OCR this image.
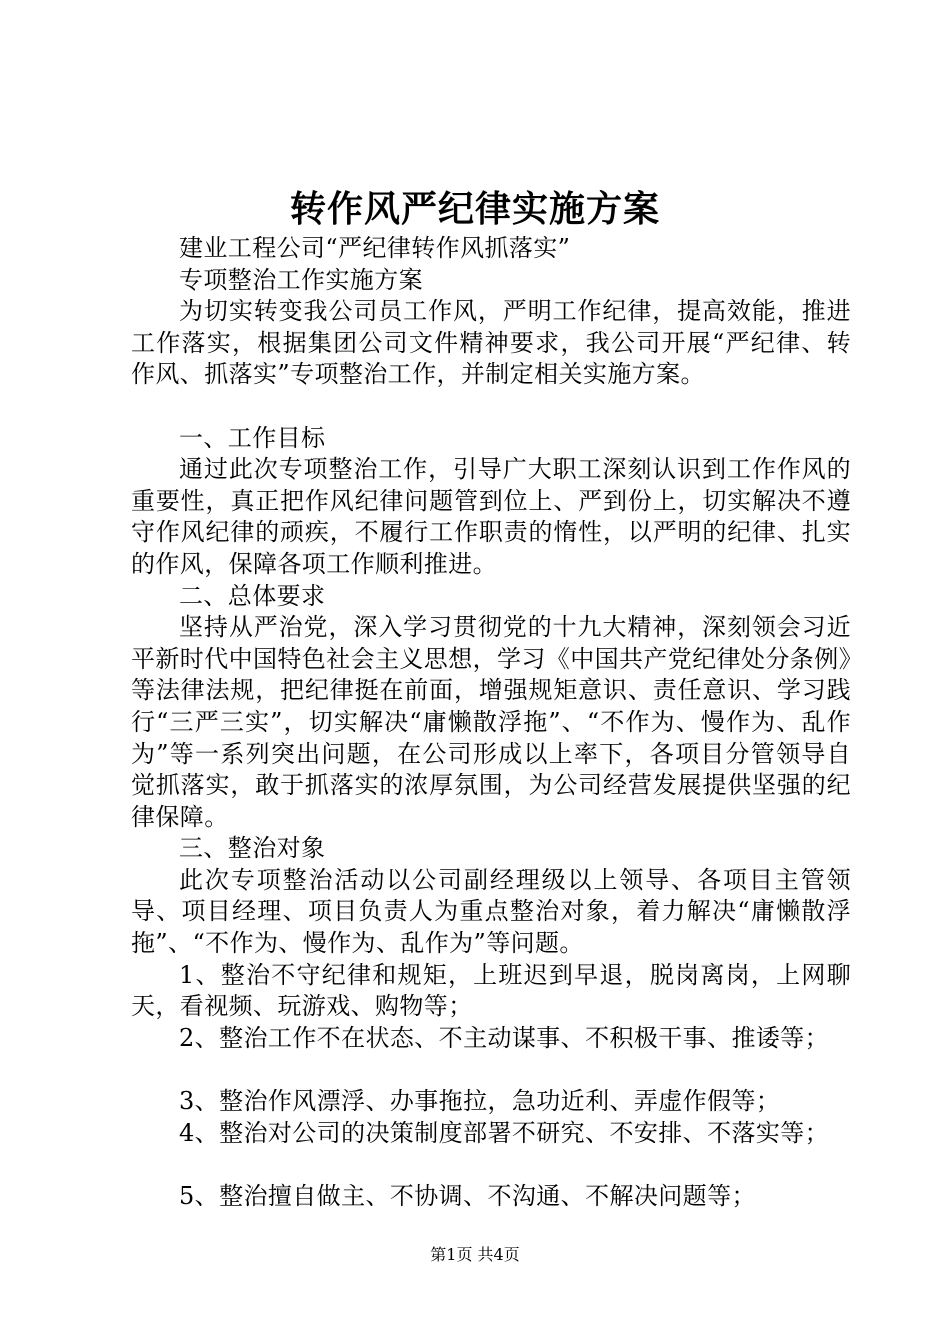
转作风严纪律实施方案

建业工程公司“严纪律转作风抓落实”

专项整治工作实施方案

为切实转变我公司员工作风，严明工作纪律，提高效能，推进工作落实，根据集团公司文件精神要求，我公司开展“严纪律、转作风、抓落实”专项整治工作，并制定相关实施方案。

一、工作目标

通过此次专项整治工作，引导广大职工深刻认识到工作作风的重要性，真正把作风纪律问题管到位上、严到份上，切实解决不遵守作风纪律的顽疾，不履行工作职责的惰性，以严明的纪律、扎实的作风，保障各项工作顺利推进。

二、总体要求

坚持从严治党，深入学习贯彻党的十九大精神，深刻领会习近平新时代中国特色社会主义思想，学习《中国共产党纪律处分条例》等法律法规，把纪律挺在前面，增强规矩意识、责任意识、学习践行“三严三实”，切实解决“庸懒散浮拖”、“不作为、慢作为、乱作为”等一系列突出问题，在公司形成以上率下，各项目分管领导自觉抓落实，敢于抓落实的浓厚氛围，为公司经营发展提供坚强的纪律保障。

三、整治对象

此次专项整治活动以公司副经理级以上领导、各项目主管领导、项目经理、项目负责人为重点整治对象，着力解决“庸懒散浮拖”、“不作为、慢作为、乱作为”等问题。

1、整治不守纪律和规矩，上班迟到早退，脱岗离岗，上网聊天，看视频、玩游戏、购物等；

2、整治工作不在状态、不主动谋事、不积极干事、推诿等；

3、整治作风漂浮、办事拖拉，急功近利、弄虚作假等；

4、整治对公司的决策制度部署不研究、不安排、不落实等；

5、整治擅自做主、不协调、不沟通、不解决问题等；

第1页 共4页
